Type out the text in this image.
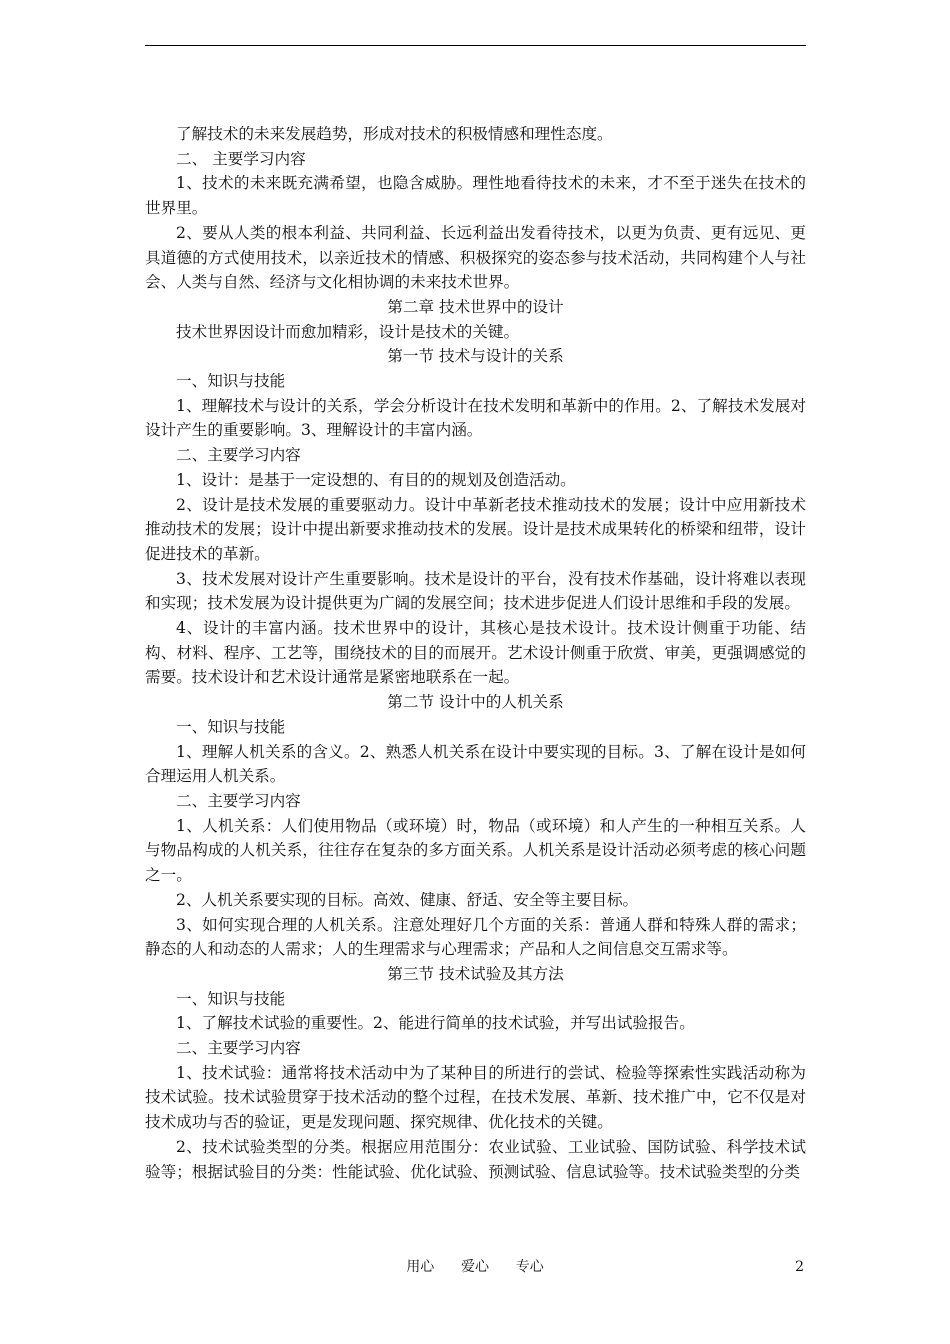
了解技术的未来发展趋势，形成对技术的积极情感和理性态度。

二、 主要学习内容

1、技术的未来既充满希望，也隐含威胁。理性地看待技术的未来，才不至于迷失在技术的世界里。

2、要从人类的根本利益、共同利益、长远利益出发看待技术，以更为负责、更有远见、更具道德的方式使用技术，以亲近技术的情感、积极探究的姿态参与技术活动，共同构建个人与社会、人类与自然、经济与文化相协调的未来技术世界。

第二章 技术世界中的设计

技术世界因设计而愈加精彩，设计是技术的关键。

第一节 技术与设计的关系

一、知识与技能

1、理解技术与设计的关系，学会分析设计在技术发明和革新中的作用。2、了解技术发展对设计产生的重要影响。3、理解设计的丰富内涵。

二、主要学习内容

1、设计：是基于一定设想的、有目的的规划及创造活动。

2、设计是技术发展的重要驱动力。设计中革新老技术推动技术的发展；设计中应用新技术推动技术的发展；设计中提出新要求推动技术的发展。设计是技术成果转化的桥梁和纽带，设计促进技术的革新。

3、技术发展对设计产生重要影响。技术是设计的平台，没有技术作基础，设计将难以表现和实现；技术发展为设计提供更为广阔的发展空间；技术进步促进人们设计思维和手段的发展。

4、设计的丰富内涵。技术世界中的设计，其核心是技术设计。技术设计侧重于功能、结构、材料、程序、工艺等，围绕技术的目的而展开。艺术设计侧重于欣赏、审美，更强调感觉的需要。技术设计和艺术设计通常是紧密地联系在一起。

第二节 设计中的人机关系

一、知识与技能

1、理解人机关系的含义。2、熟悉人机关系在设计中要实现的目标。3、了解在设计是如何合理运用人机关系。

二、主要学习内容

1、人机关系：人们使用物品（或环境）时，物品（或环境）和人产生的一种相互关系。人与物品构成的人机关系，往往存在复杂的多方面关系。人机关系是设计活动必须考虑的核心问题之一。

2、人机关系要实现的目标。高效、健康、舒适、安全等主要目标。

3、如何实现合理的人机关系。注意处理好几个方面的关系：普通人群和特殊人群的需求；静态的人和动态的人需求；人的生理需求与心理需求；产品和人之间信息交互需求等。

第三节 技术试验及其方法

一、知识与技能

1、了解技术试验的重要性。2、能进行简单的技术试验，并写出试验报告。

二、主要学习内容

1、技术试验：通常将技术活动中为了某种目的所进行的尝试、检验等探索性实践活动称为技术试验。技术试验贯穿于技术活动的整个过程，在技术发展、革新、技术推广中，它不仅是对技术成功与否的验证，更是发现问题、探究规律、优化技术的关键。

2、技术试验类型的分类。根据应用范围分：农业试验、工业试验、国防试验、科学技术试验等；根据试验目的分类：性能试验、优化试验、预测试验、信息试验等。技术试验类型的分类

用心      爱心      专心	2
